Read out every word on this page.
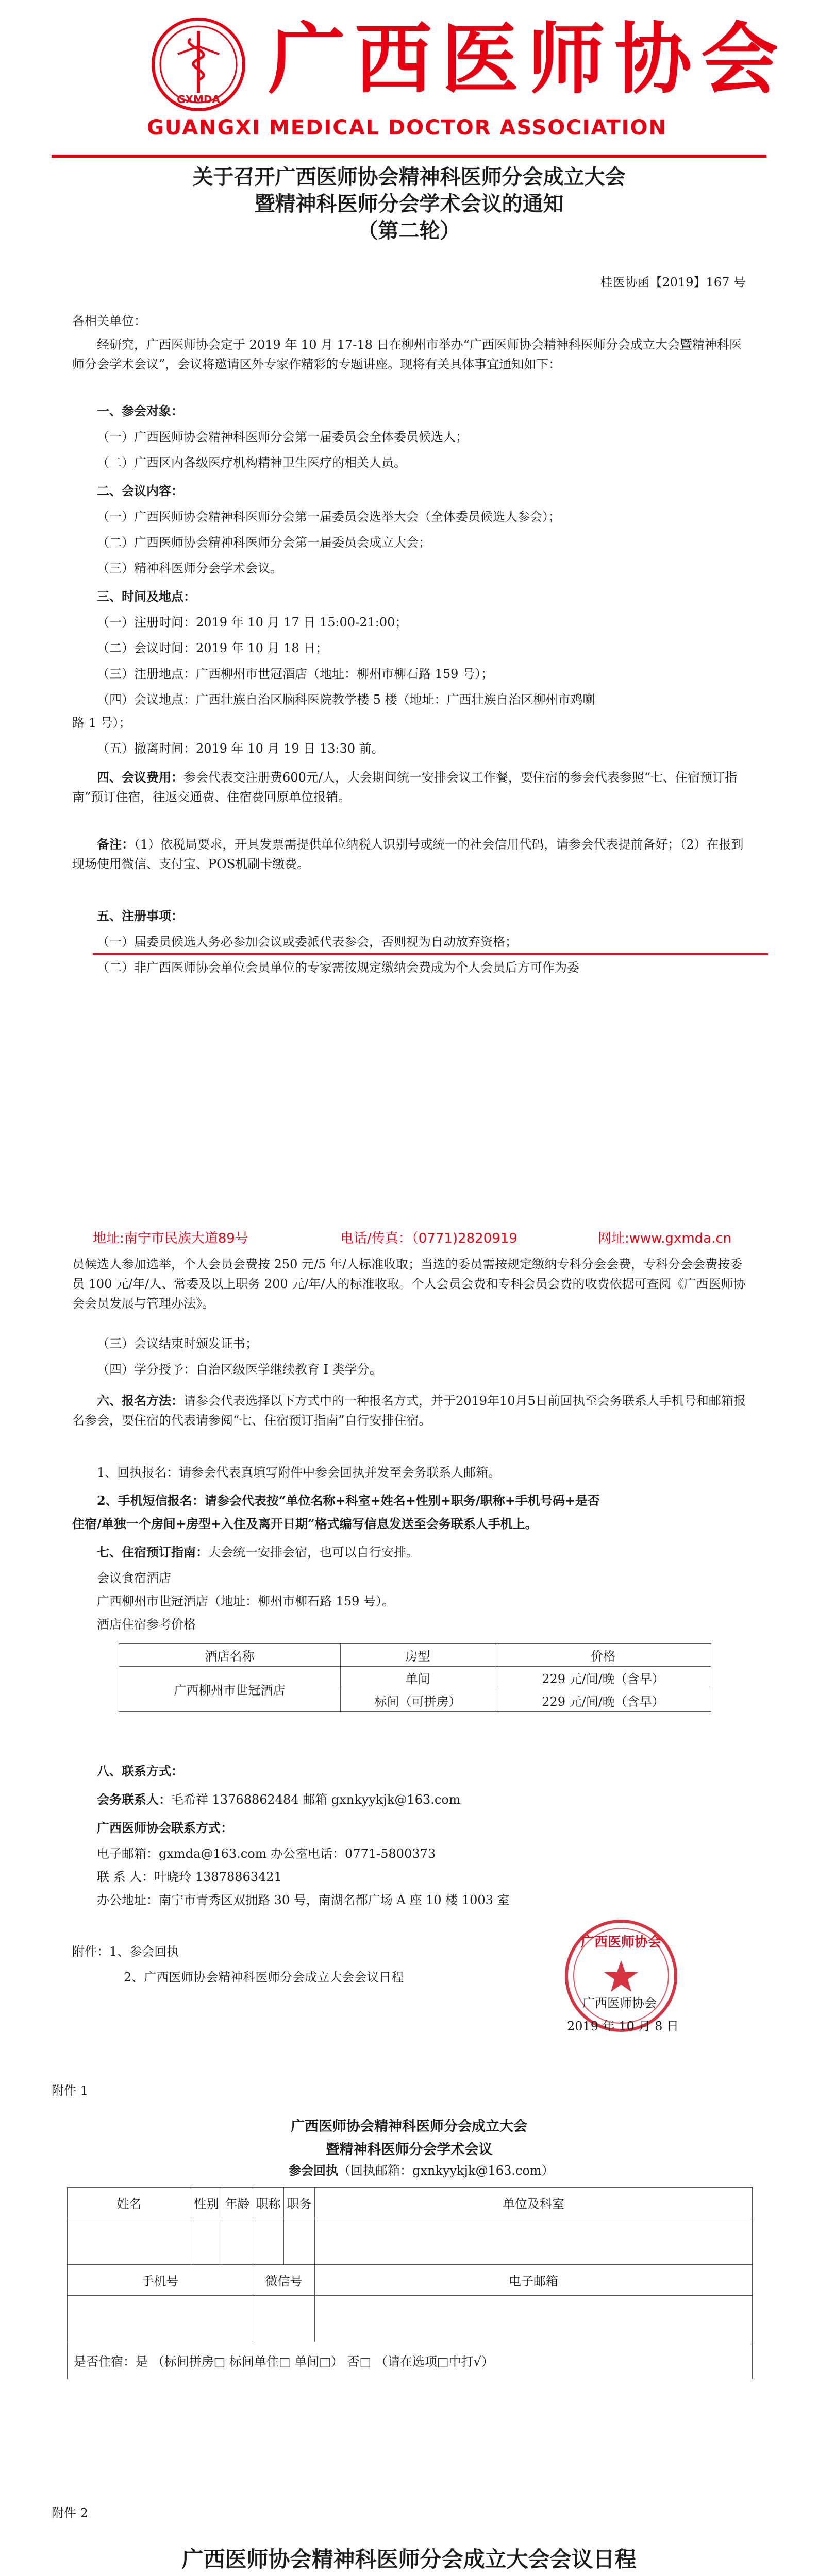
GXMDA 广西医师协会
GUANGXI MEDICAL DOCTOR ASSOCIATION
关于召开广西医师协会精神科医师分会成立大会
暨精神科医师分会学术会议的通知
（第二轮）
桂医协函【2019】167 号
各相关单位：
经研究，广西医师协会定于 2019 年 10 月 17-18 日在柳州市举办“广西医师协会精神科医师分会成立大会暨精神科医师分会学术会议”，会议将邀请区外专家作精彩的专题讲座。现将有关具体事宜通知如下：
一、参会对象：
（一）广西医师协会精神科医师分会第一届委员会全体委员候选人；
（二）广西区内各级医疗机构精神卫生医疗的相关人员。
二、会议内容：
（一）广西医师协会精神科医师分会第一届委员会选举大会（全体委员候选人参会）；
（二）广西医师协会精神科医师分会第一届委员会成立大会；
（三）精神科医师分会学术会议。
三、时间及地点：
（一）注册时间：2019 年 10 月 17 日 15:00-21:00；
（二）会议时间：2019 年 10 月 18 日；
（三）注册地点：广西柳州市世冠酒店（地址：柳州市柳石路 159 号）；
（四）会议地点：广西壮族自治区脑科医院教学楼 5 楼（地址：广西壮族自治区柳州市鸡喇
路 1 号）；
（五）撤离时间：2019 年 10 月 19 日 13:30 前。
四、会议费用：参会代表交注册费600元/人，大会期间统一安排会议工作餐，要住宿的参会代表参照“七、住宿预订指南”预订住宿，往返交通费、住宿费回原单位报销。
备注：（1）依税局要求，开具发票需提供单位纳税人识别号或统一的社会信用代码，请参会代表提前备好；（2）在报到现场使用微信、支付宝、POS机刷卡缴费。
五、注册事项：
（一）届委员候选人务必参加会议或委派代表参会，否则视为自动放弃资格；
（二）非广西医师协会单位会员单位的专家需按规定缴纳会费成为个人会员后方可作为委
地址:南宁市民族大道89号	电话/传真：（0771)2820919	网址:www.gxmda.cn
员候选人参加选举，个人会员会费按 250 元/5 年/人标准收取；当选的委员需按规定缴纳专科分会会费，专科分会会费按委员 100 元/年/人、常委及以上职务 200 元/年/人的标准收取。个人会员会费和专科会员会费的收费依据可查阅《广西医师协会会员发展与管理办法》。
（三）会议结束时颁发证书；
（四）学分授予：自治区级医学继续教育 I 类学分。
六、报名方法：请参会代表选择以下方式中的一种报名方式，并于2019年10月5日前回执至会务联系人手机号和邮箱报名参会，要住宿的代表请参阅“七、住宿预订指南”自行安排住宿。
1、回执报名：请参会代表真填写附件中参会回执并发至会务联系人邮箱。
2、手机短信报名：请参会代表按“单位名称+科室+姓名+性别+职务/职称+手机号码+是否
住宿/单独一个房间+房型+入住及离开日期”格式编写信息发送至会务联系人手机上。
七、住宿预订指南：大会统一安排会宿，也可以自行安排。
会议食宿酒店
广西柳州市世冠酒店（地址：柳州市柳石路 159 号）。
酒店住宿参考价格
酒店名称	房型	价格
广西柳州市世冠酒店	单间	229 元/间/晚（含早）
	标间（可拼房）	229 元/间/晚（含早）
八、联系方式：
会务联系人：毛希祥 13768862484 邮箱 gxnkyykjk@163.com
广西医师协会联系方式：
电子邮箱：gxmda@163.com 办公室电话：0771-5800373
联 系 人：叶晓玲 13878863421
办公地址：南宁市青秀区双拥路 30 号，南湖名都广场 A 座 10 楼 1003 室
附件：1、参会回执
2、广西医师协会精神科医师分会成立大会会议日程
广西医师协会
广西医师协会
2019 年 10 月 8 日
附件 1
广西医师协会精神科医师分会成立大会
暨精神科医师分会学术会议
参会回执（回执邮箱：gxnkyykjk@163.com）
姓名	性别	年龄	职称	职务	单位及科室

手机号			微信号		电子邮箱

是否住宿：是 （标间拼房□ 标间单住□ 单间□） 否□ （请在选项□中打√）					
附件 2
广西医师协会精神科医师分会成立大会会议日程
